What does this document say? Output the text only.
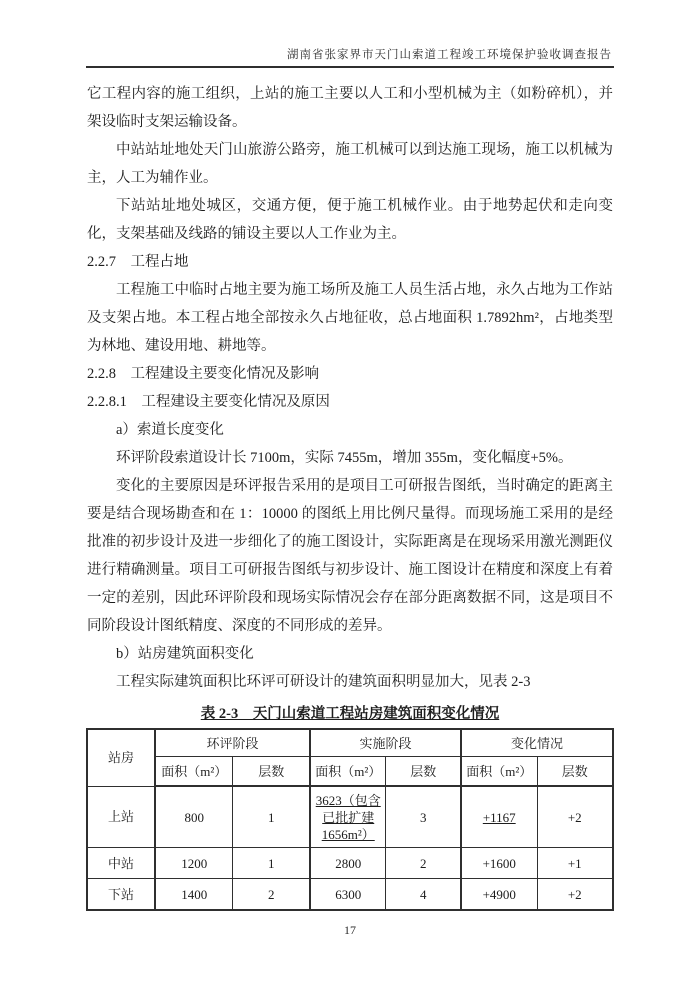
湖南省张家界市天门山索道工程竣工环境保护验收调查报告

它工程内容的施工组织，上站的施工主要以人工和小型机械为主（如粉碎机），并架设临时支架运输设备。

中站站址地处天门山旅游公路旁，施工机械可以到达施工现场，施工以机械为主，人工为辅作业。

下站站址地处城区，交通方便，便于施工机械作业。由于地势起伏和走向变化，支架基础及线路的铺设主要以人工作业为主。

2.2.7　工程占地

工程施工中临时占地主要为施工场所及施工人员生活占地，永久占地为工作站及支架占地。本工程占地全部按永久占地征收，总占地面积 1.7892hm²，占地类型为林地、建设用地、耕地等。

2.2.8　工程建设主要变化情况及影响

2.2.8.1　工程建设主要变化情况及原因

a）索道长度变化

环评阶段索道设计长 7100m，实际 7455m，增加 355m，变化幅度+5%。

变化的主要原因是环评报告采用的是项目工可研报告图纸，当时确定的距离主要是结合现场勘查和在 1：10000 的图纸上用比例尺量得。而现场施工采用的是经批准的初步设计及进一步细化了的施工图设计，实际距离是在现场采用激光测距仪进行精确测量。项目工可研报告图纸与初步设计、施工图设计在精度和深度上有着一定的差别，因此环评阶段和现场实际情况会存在部分距离数据不同，这是项目不同阶段设计图纸精度、深度的不同形成的差异。

b）站房建筑面积变化

工程实际建筑面积比环评可研设计的建筑面积明显加大，见表 2-3

表 2-3　天门山索道工程站房建筑面积变化情况
站房	环评阶段		实施阶段		变化情况	
	面积（m²）	层数	面积（m²）	层数	面积（m²）	层数
上站	800	1	3623（包含已批扩建1656m²）	3	+1167	+2
中站	1200	1	2800	2	+1600	+1
下站	1400	2	6300	4	+4900	+2
17
